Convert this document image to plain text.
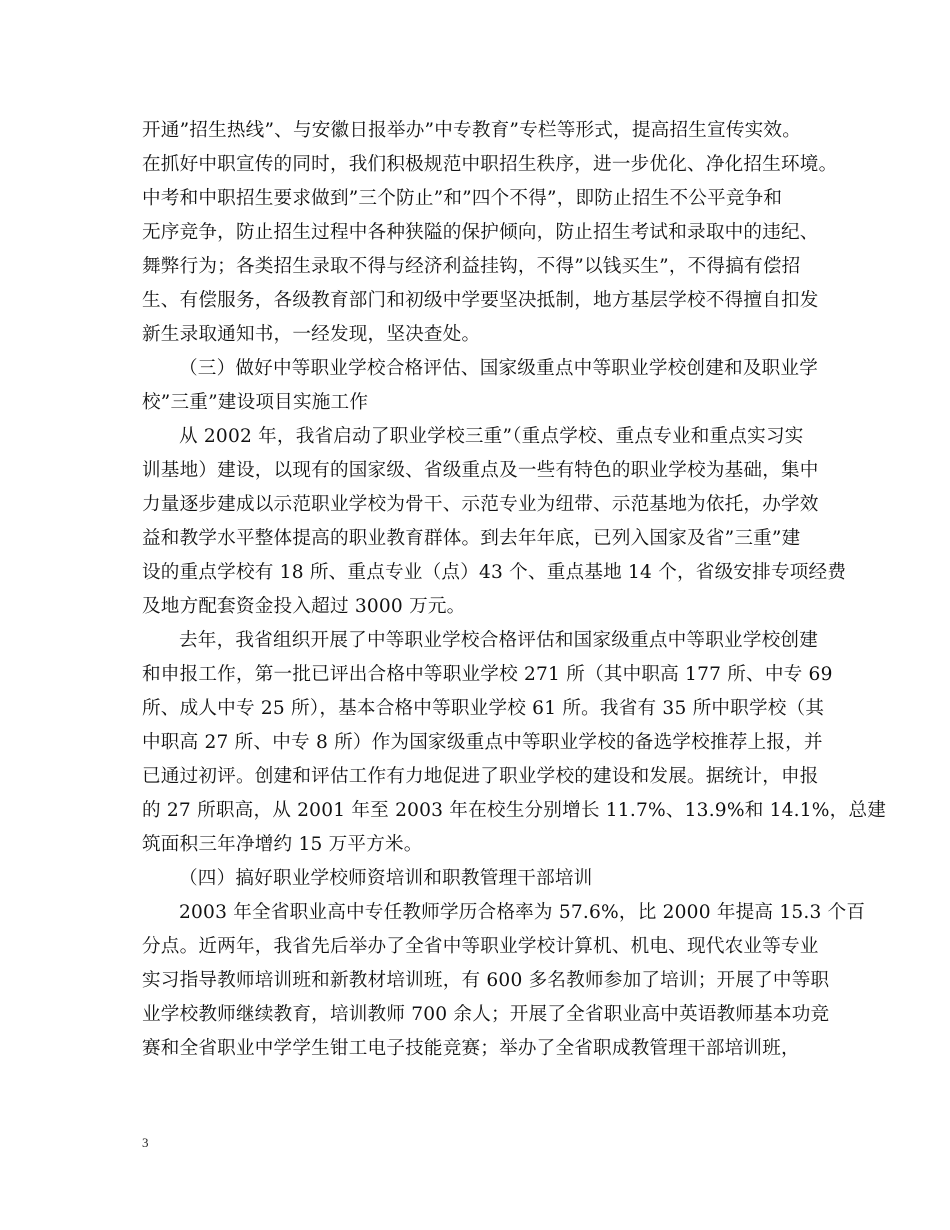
开通”招生热线”、与安徽日报举办”中专教育”专栏等形式，提高招生宣传实效。
在抓好中职宣传的同时，我们积极规范中职招生秩序，进一步优化、净化招生环境。
中考和中职招生要求做到”三个防止”和”四个不得”，即防止招生不公平竞争和
无序竞争，防止招生过程中各种狭隘的保护倾向，防止招生考试和录取中的违纪、
舞弊行为；各类招生录取不得与经济利益挂钩，不得”以钱买生”，不得搞有偿招
生、有偿服务，各级教育部门和初级中学要坚决抵制，地方基层学校不得擅自扣发
新生录取通知书，一经发现，坚决查处。
（三）做好中等职业学校合格评估、国家级重点中等职业学校创建和及职业学
校”三重”建设项目实施工作
从 2002 年，我省启动了职业学校三重”（重点学校、重点专业和重点实习实
训基地）建设，以现有的国家级、省级重点及一些有特色的职业学校为基础，集中
力量逐步建成以示范职业学校为骨干、示范专业为纽带、示范基地为依托，办学效
益和教学水平整体提高的职业教育群体。到去年年底，已列入国家及省”三重”建
设的重点学校有 18 所、重点专业（点）43 个、重点基地 14 个，省级安排专项经费
及地方配套资金投入超过 3000 万元。
去年，我省组织开展了中等职业学校合格评估和国家级重点中等职业学校创建
和申报工作，第一批已评出合格中等职业学校 271 所（其中职高 177 所、中专 69
所、成人中专 25 所），基本合格中等职业学校 61 所。我省有 35 所中职学校（其
中职高 27 所、中专 8 所）作为国家级重点中等职业学校的备选学校推荐上报，并
已通过初评。创建和评估工作有力地促进了职业学校的建设和发展。据统计，申报
的 27 所职高，从 2001 年至 2003 年在校生分别增长 11.7%、13.9%和 14.1%，总建
筑面积三年净增约 15 万平方米。
（四）搞好职业学校师资培训和职教管理干部培训
2003 年全省职业高中专任教师学历合格率为 57.6%，比 2000 年提高 15.3 个百
分点。近两年，我省先后举办了全省中等职业学校计算机、机电、现代农业等专业
实习指导教师培训班和新教材培训班，有 600 多名教师参加了培训；开展了中等职
业学校教师继续教育，培训教师 700 余人；开展了全省职业高中英语教师基本功竞
赛和全省职业中学学生钳工电子技能竞赛；举办了全省职成教管理干部培训班，
3
